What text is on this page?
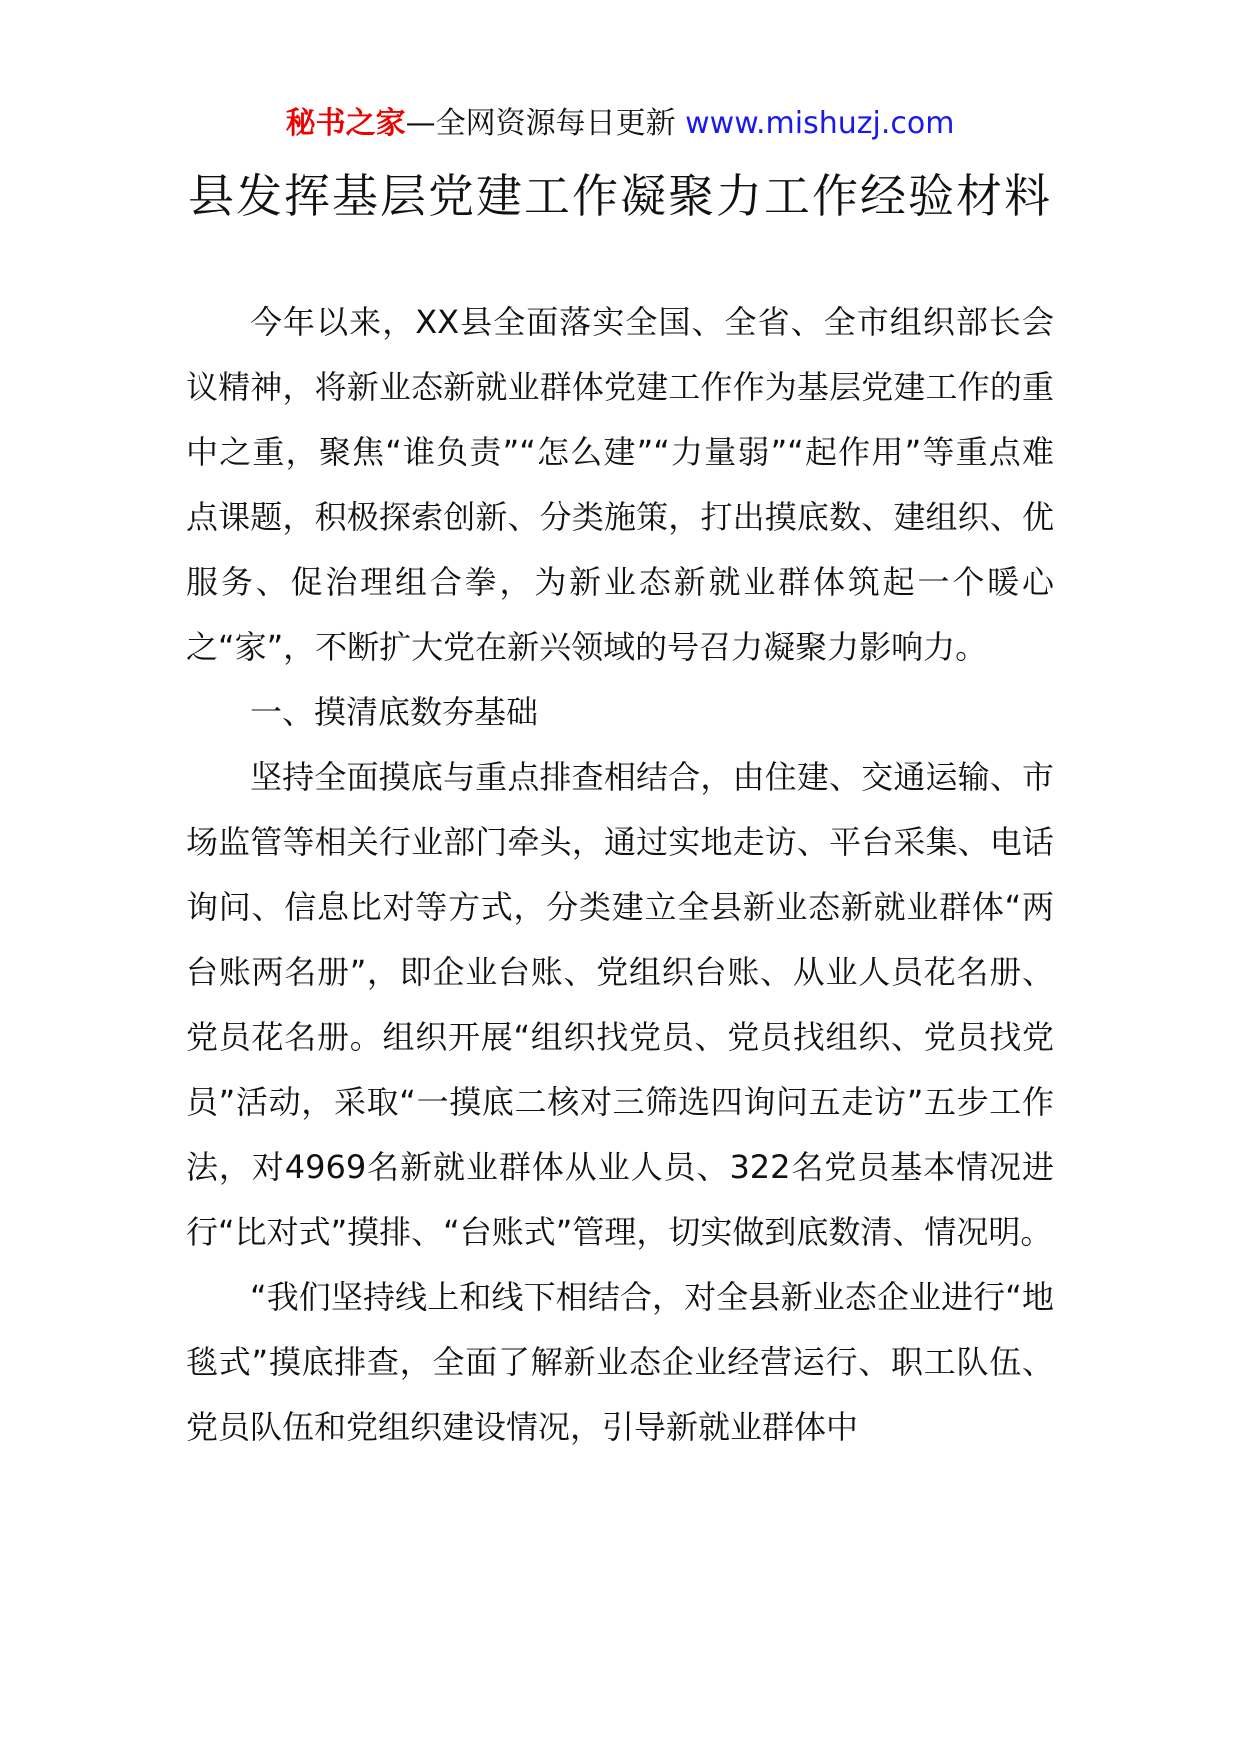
秘书之家—全网资源每日更新 www.mishuzj.com
县发挥基层党建工作凝聚力工作经验材料

今年以来，XX县全面落实全国、全省、全市组织部长会议精神，将新业态新就业群体党建工作作为基层党建工作的重中之重，聚焦“谁负责”“怎么建”“力量弱”“起作用”等重点难点课题，积极探索创新、分类施策，打出摸底数、建组织、优服务、促治理组合拳，为新业态新就业群体筑起一个暖心之“家”，不断扩大党在新兴领域的号召力凝聚力影响力。

一、摸清底数夯基础

坚持全面摸底与重点排查相结合，由住建、交通运输、市场监管等相关行业部门牵头，通过实地走访、平台采集、电话询问、信息比对等方式，分类建立全县新业态新就业群体“两台账两名册”，即企业台账、党组织台账、从业人员花名册、党员花名册。组织开展“组织找党员、党员找组织、党员找党员”活动，采取“一摸底二核对三筛选四询问五走访”五步工作法，对4969名新就业群体从业人员、322名党员基本情况进行“比对式”摸排、“台账式”管理，切实做到底数清、情况明。

“我们坚持线上和线下相结合，对全县新业态企业进行“地毯式”摸底排查，全面了解新业态企业经营运行、职工队伍、党员队伍和党组织建设情况，引导新就业群体中
